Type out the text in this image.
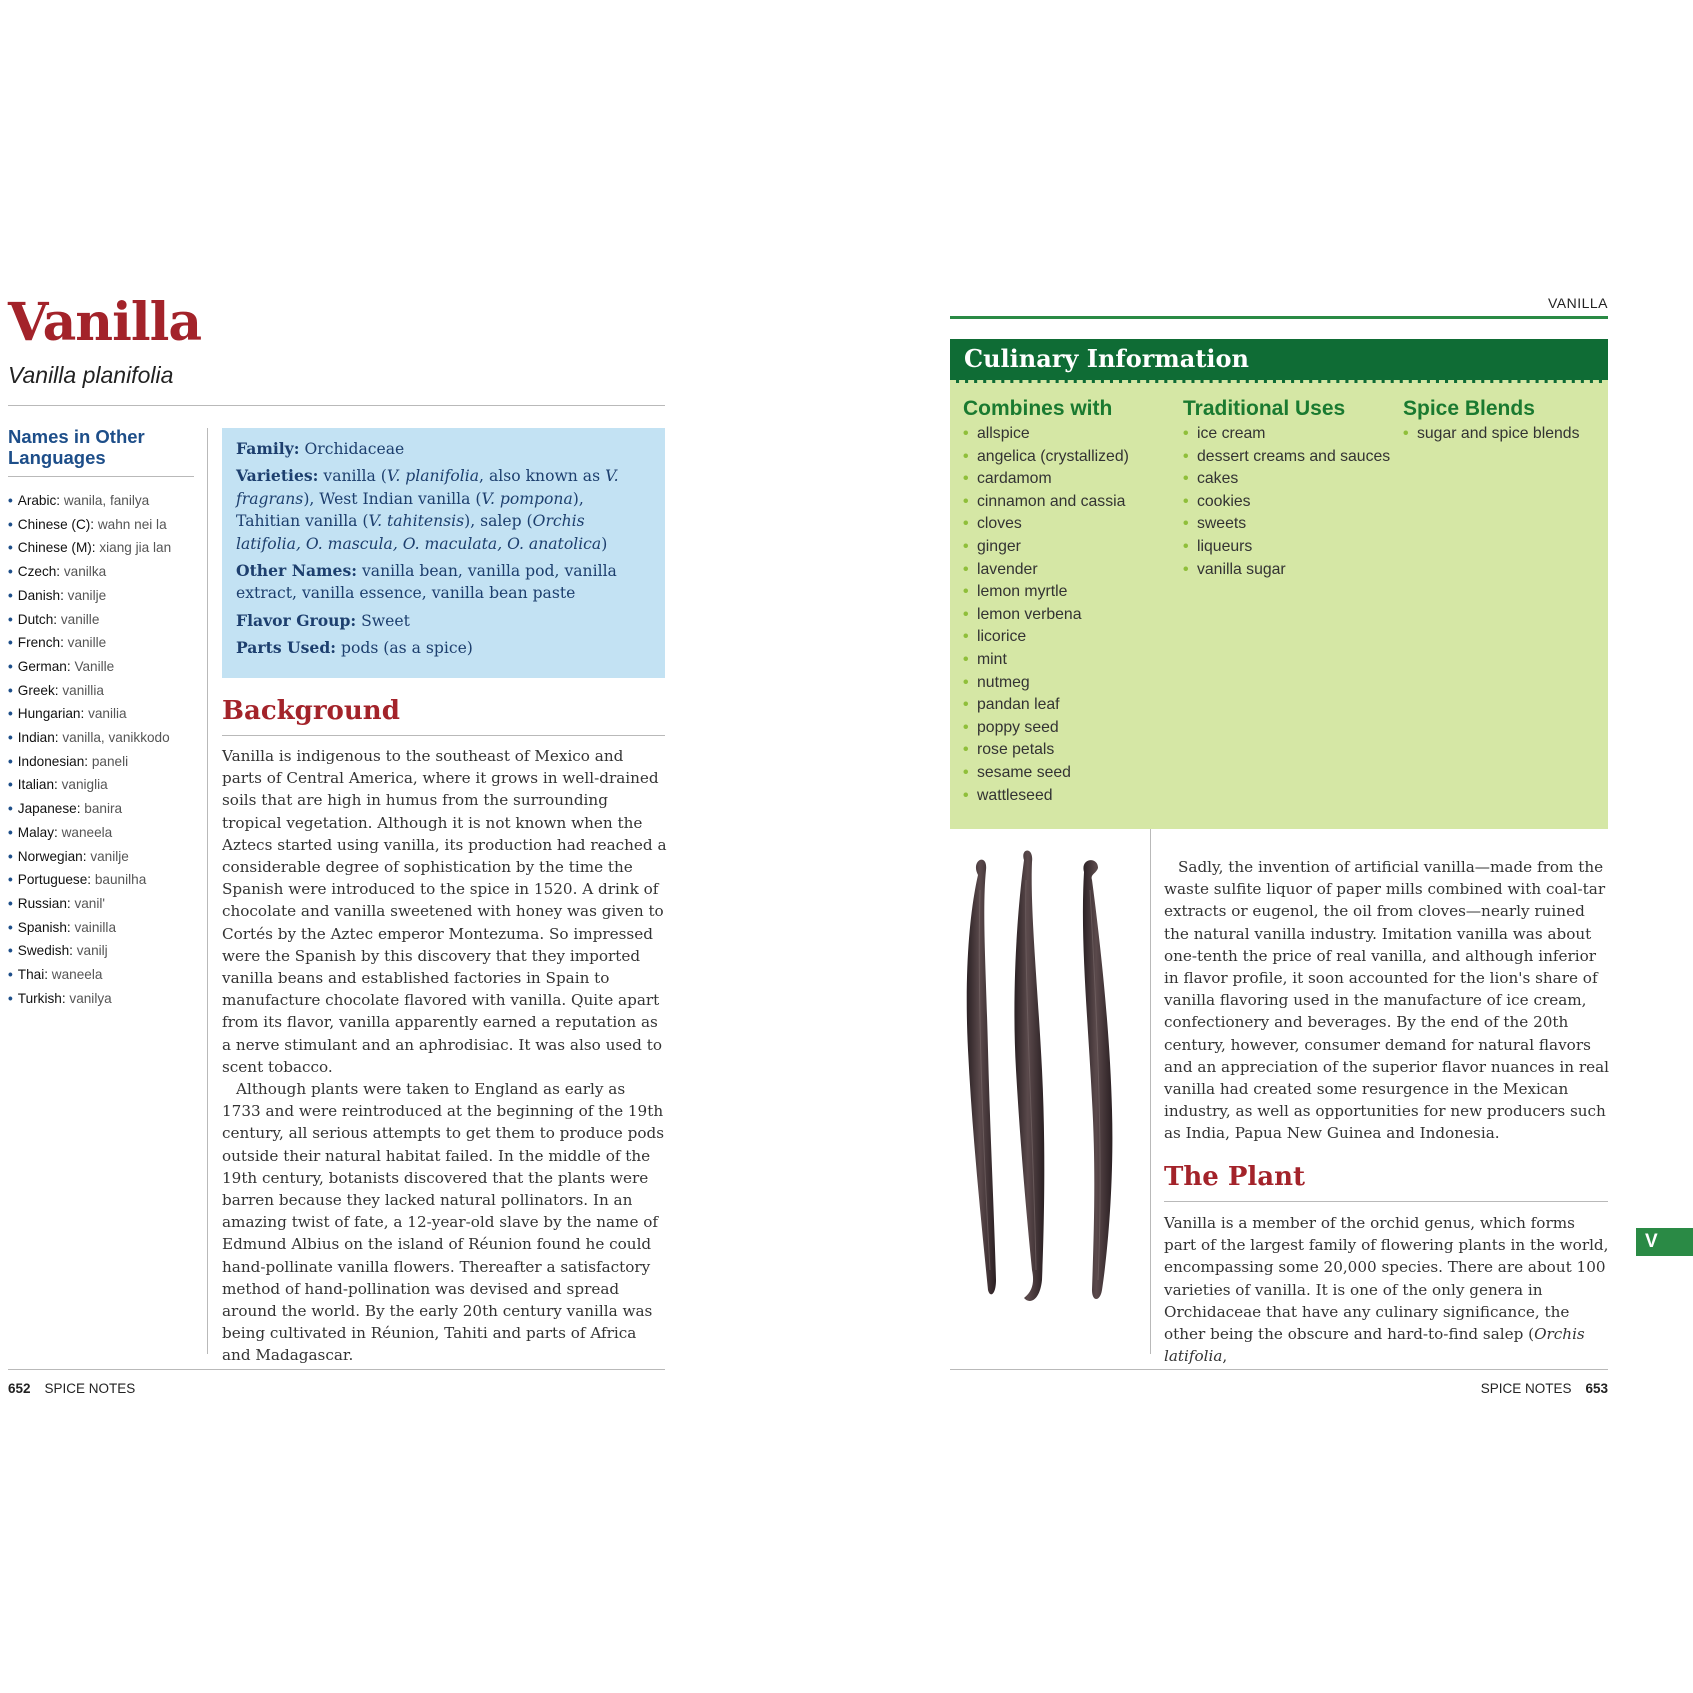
Vanilla
Vanilla planifolia
Names in Other Languages
• Arabic: wanila, fanilya
• Chinese (C): wahn nei la
• Chinese (M): xiang jia lan
• Czech: vanilka
• Danish: vanilje
• Dutch: vanille
• French: vanille
• German: Vanille
• Greek: vanillia
• Hungarian: vanilia
• Indian: vanilla, vanikkodo
• Indonesian: paneli
• Italian: vaniglia
• Japanese: banira
• Malay: waneela
• Norwegian: vanilje
• Portuguese: baunilha
• Russian: vanil'
• Spanish: vainilla
• Swedish: vanilj
• Thai: waneela
• Turkish: vanilya

Family: Orchidaceae

Varieties: vanilla (V. planifolia, also known as V. fragrans), West Indian vanilla (V. pompona), Tahitian vanilla (V. tahitensis), salep (Orchis latifolia, O. mascula, O. maculata, O. anatolica)

Other Names: vanilla bean, vanilla pod, vanilla extract, vanilla essence, vanilla bean paste

Flavor Group: Sweet

Parts Used: pods (as a spice)

Background

Vanilla is indigenous to the southeast of Mexico and parts of Central America, where it grows in well-drained soils that are high in humus from the surrounding tropical vegetation. Although it is not known when the Aztecs started using vanilla, its production had reached a considerable degree of sophistication by the time the Spanish were introduced to the spice in 1520. A drink of chocolate and vanilla sweetened with honey was given to Cortés by the Aztec emperor Montezuma. So impressed were the Spanish by this discovery that they imported vanilla beans and established factories in Spain to manufacture chocolate flavored with vanilla. Quite apart from its flavor, vanilla apparently earned a reputation as a nerve stimulant and an aphrodisiac. It was also used to scent tobacco.

Although plants were taken to England as early as 1733 and were reintroduced at the beginning of the 19th century, all serious attempts to get them to produce pods outside their natural habitat failed. In the middle of the 19th century, botanists discovered that the plants were barren because they lacked natural pollinators. In an amazing twist of fate, a 12-year-old slave by the name of Edmund Albius on the island of Réunion found he could hand-pollinate vanilla flowers. Thereafter a satisfactory method of hand-pollination was devised and spread around the world. By the early 20th century vanilla was being cultivated in Réunion, Tahiti and parts of Africa and Madagascar.

652 SPICE NOTES
VANILLA
Culinary Information
Combines with
• allspice
• angelica (crystallized)
• cardamom
• cinnamon and cassia
• cloves
• ginger
• lavender
• lemon myrtle
• lemon verbena
• licorice
• mint
• nutmeg
• pandan leaf
• poppy seed
• rose petals
• sesame seed
• wattleseed
Traditional Uses
• ice cream
• dessert creams and sauces
• cakes
• cookies
• sweets
• liqueurs
• vanilla sugar
Spice Blends
• sugar and spice blends

Sadly, the invention of artificial vanilla—made from the waste sulfite liquor of paper mills combined with coal-tar extracts or eugenol, the oil from cloves—nearly ruined the natural vanilla industry. Imitation vanilla was about one-tenth the price of real vanilla, and although inferior in flavor profile, it soon accounted for the lion's share of vanilla flavoring used in the manufacture of ice cream, confectionery and beverages. By the end of the 20th century, however, consumer demand for natural flavors and an appreciation of the superior flavor nuances in real vanilla had created some resurgence in the Mexican industry, as well as opportunities for new producers such as India, Papua New Guinea and Indonesia.

The Plant

Vanilla is a member of the orchid genus, which forms part of the largest family of flowering plants in the world, encompassing some 20,000 species. There are about 100 varieties of vanilla. It is one of the only genera in Orchidaceae that have any culinary significance, the other being the obscure and hard-to-find salep (Orchis latifolia,

SPICE NOTES 653
V
